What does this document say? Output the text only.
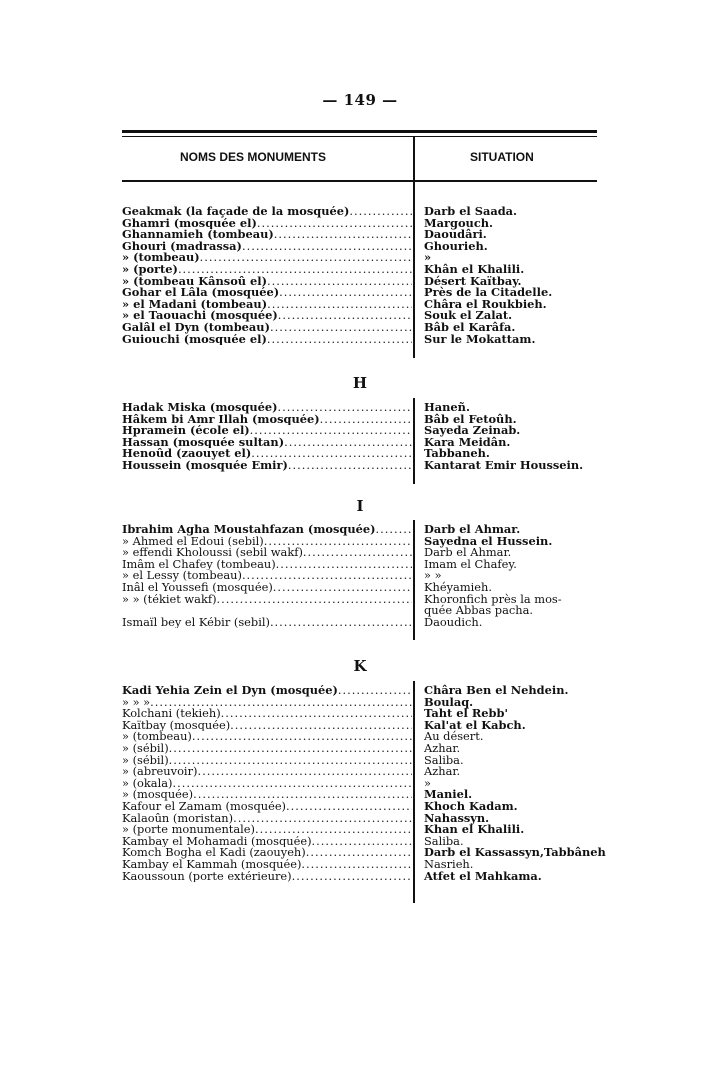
— 149 —
NOMS DES MONUMENTS	SITUATION
Geakmak (la façade de la mosquée) .....	Darb el Saada.
Ghamri (mosquée el) .....	Margouch.
Ghannamieh (tombeau) .....	Daoudâri.
Ghouri (madrassa) .....	Ghourieh.
» (tombeau) .....	»
» (porte) .....	Khân el Khalili.
» (tombeau Kânsoû el) .....	Désert Kaïtbay.
Gohar el Lâla (mosquée) .....	Près de la Citadelle.
» el Madani (tombeau) .....	Châra el Roukbieh.
» el Taouachi (mosquée) .....	Souk el Zalat.
Galâl el Dyn (tombeau) .....	Bâb el Karâfa.
Guiouchi (mosquée el) .....	Sur le Mokattam.
H
Hadak Miska (mosquée) .....	Haneñ.
Hâkem bi Amr Illah (mosquée) .....	Bâb el Fetoûh.
Hpramein (école el) .....	Sayeda Zeinab.
Hassan (mosquée sultan) .....	Kara Meidân.
Henoûd (zaouyet el) .....	Tabbaneh.
Houssein (mosquée Emir) .....	Kantarat Emir Houssein.
I
Ibrahim Agha Moustahfazan (mosquée) .....	Darb el Ahmar.
» Ahmed el Edoui (sebil) .....	Sayedna el Hussein.
» effendi Kholoussi (sebil wakf) .....	Darb el Ahmar.
Imâm el Chafey (tombeau) .....	Imam el Chafey.
» el Lessy (tombeau) .....	» »
Inâl el Youssefi (mosquée) .....	Khéyamieh.
» » (tékiet wakf) .....	Khoronfich près la mos-
quée Abbas pacha.
Ismaïl bey el Kébir (sebil) .....	Daoudich.
K
Kadi Yehia Zein el Dyn (mosquée) .....	Châra Ben el Nehdein.
» » » .....	Boulaq.
Kolchani (tekieh) .....	Taht el Rebb'
Kaïtbay (mosquée) .....	Kal'at el Kabch.
» (tombeau) .....	Au désert.
» (sébil) .....	Azhar.
» (sébil) .....	Saliba.
» (abreuvoir) .....	Azhar.
» (okala) .....	»
» (mosquée) .....	Maniel.
Kafour el Zamam (mosquée) .....	Khoch Kadam.
Kalaoûn (moristan) .....	Nahassyn.
» (porte monumentale) .....	Khan el Khalili.
Kambay el Mohamadi (mosquée) .....	Saliba.
Komch Bogha el Kadi (zaouyeh) .....	Darb el Kassassyn,Tabbâneh
Kambay el Kammah (mosquée) .....	Nasrieh.
Kaoussoun (porte extérieure) .....	Atfet el Mahkama.
